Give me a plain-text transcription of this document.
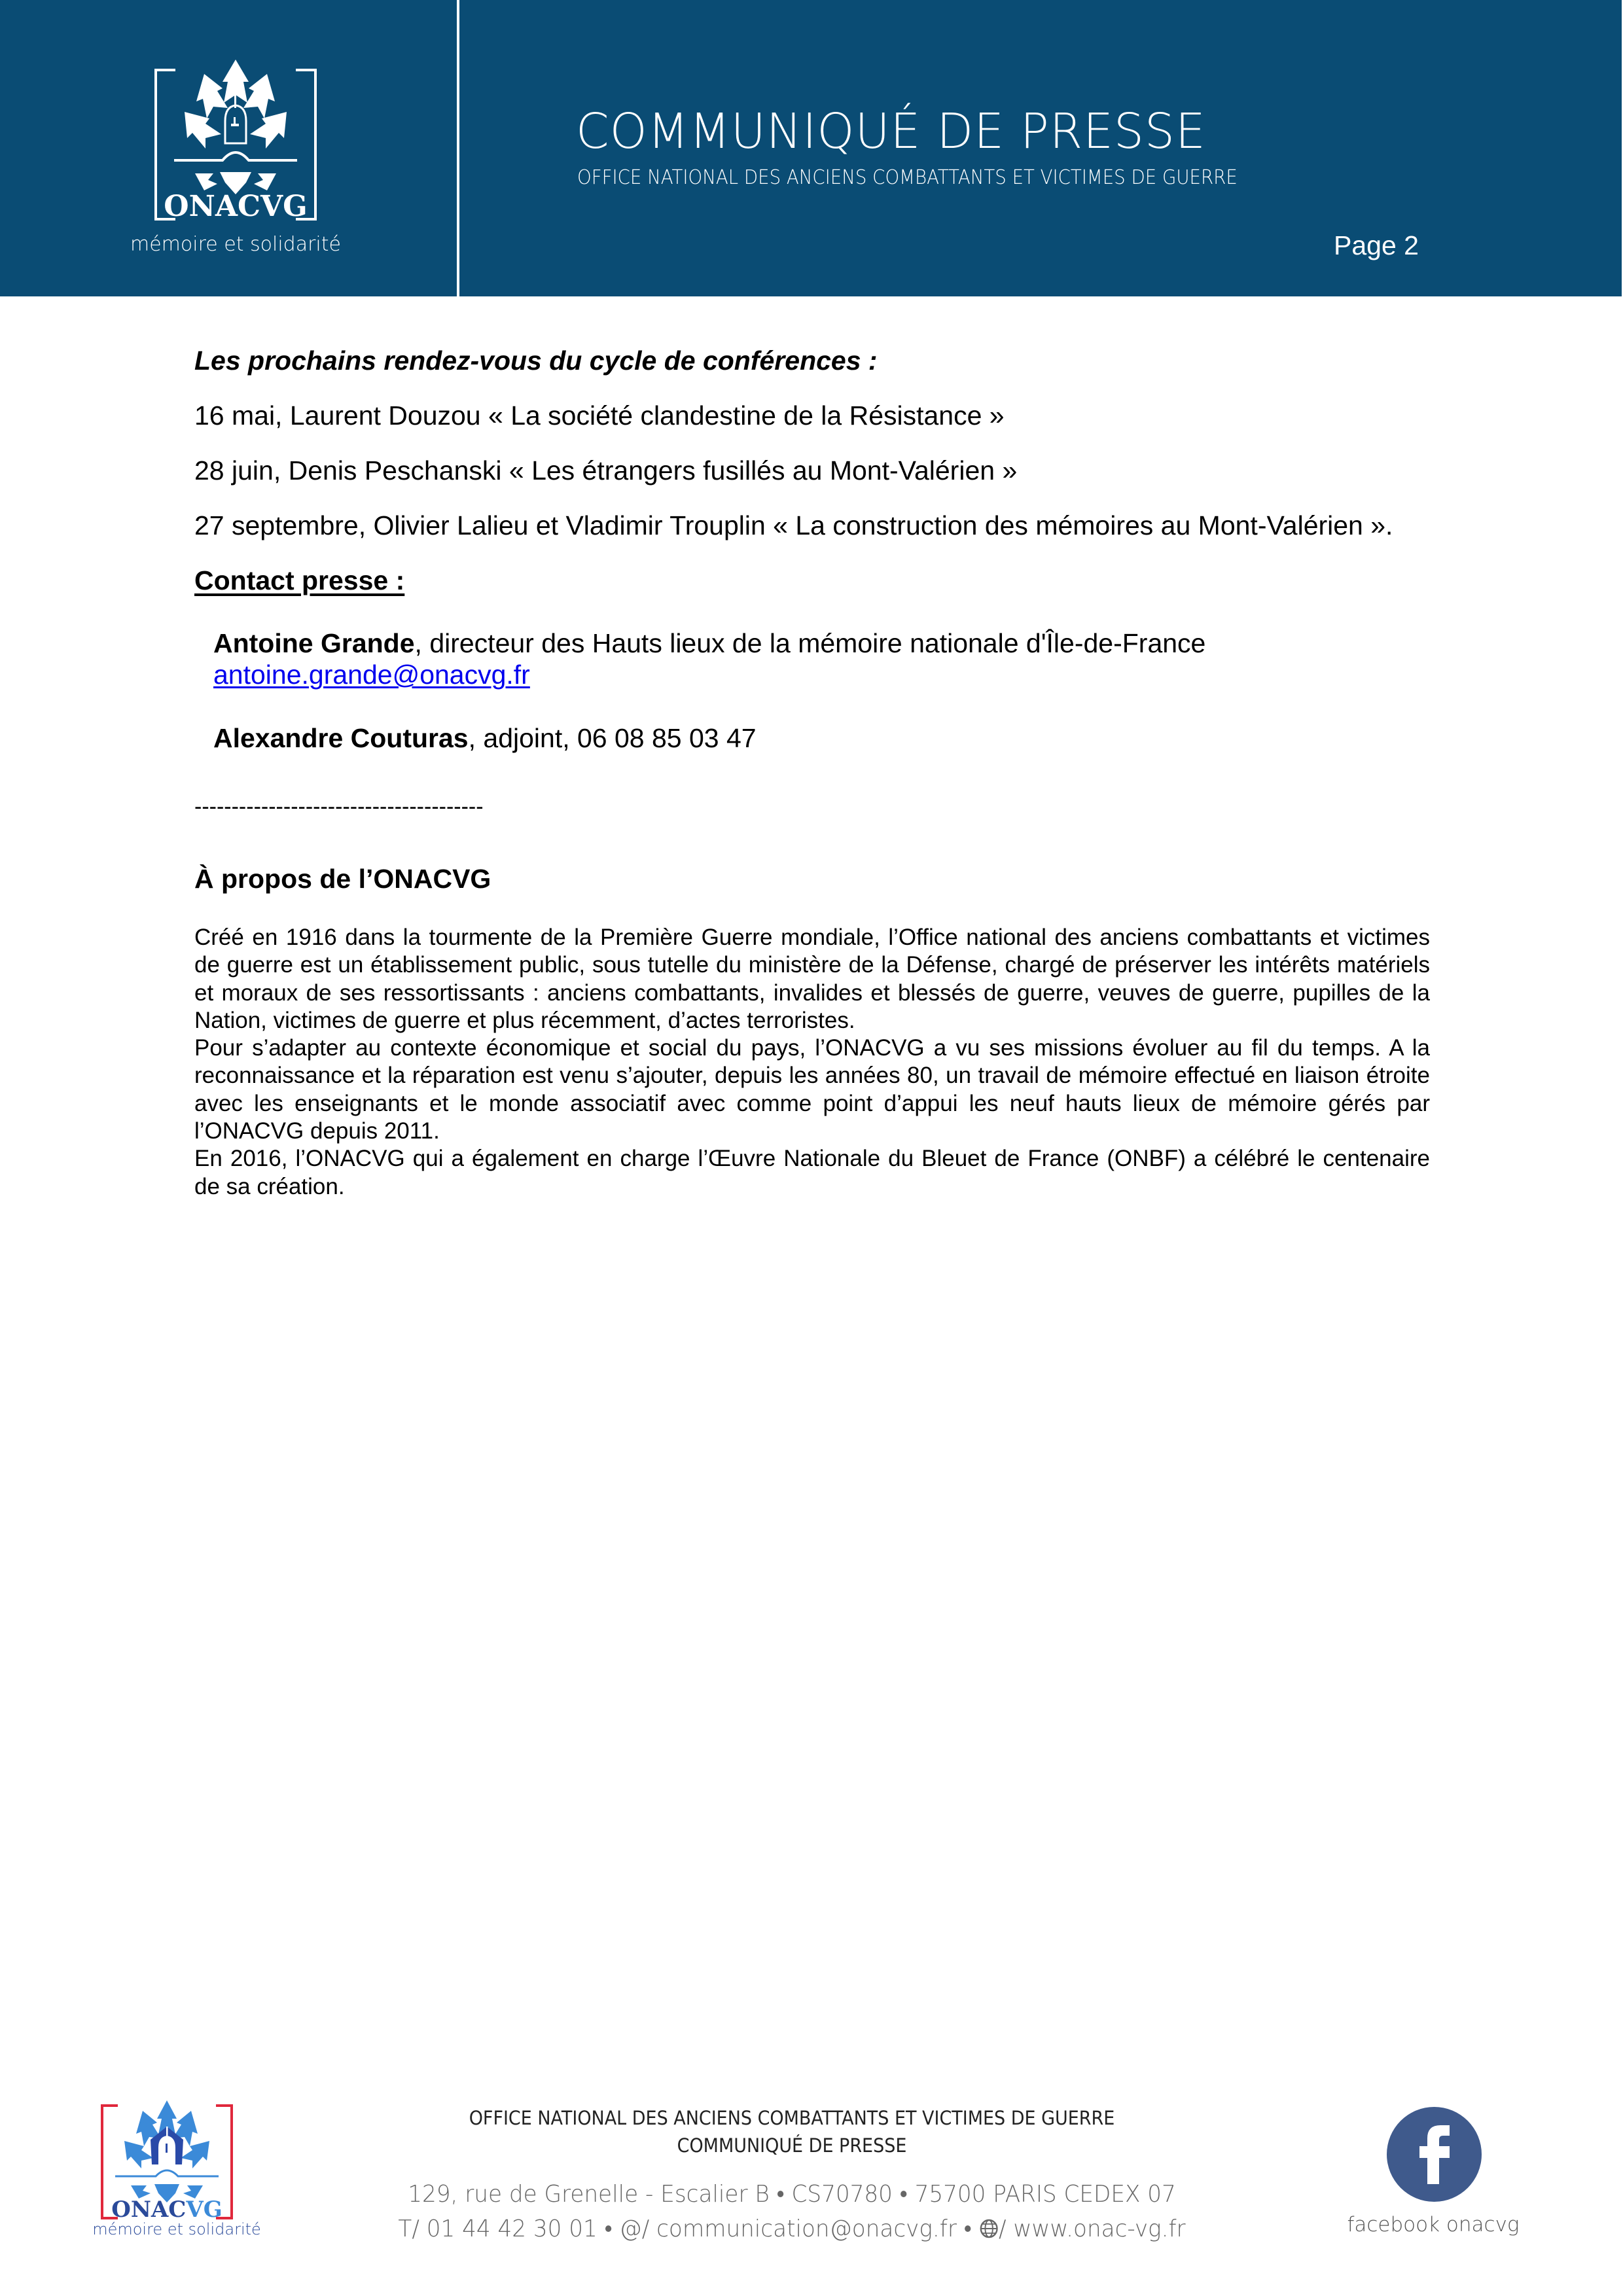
ONACVG
mémoire et solidarité
COMMUNIQUÉ DE PRESSE
OFFICE NATIONAL DES ANCIENS COMBATTANTS ET VICTIMES DE GUERRE
Page 2
Les prochains rendez-vous du cycle de conférences :
16 mai, Laurent Douzou « La société clandestine de la Résistance »
28 juin, Denis Peschanski « Les étrangers fusillés au Mont-Valérien »
27 septembre, Olivier Lalieu et Vladimir Trouplin « La construction des mémoires au Mont-Valérien ».
Contact presse :
Antoine Grande, directeur des Hauts lieux de la mémoire nationale d'Île-de-France
antoine.grande@onacvg.fr
Alexandre Couturas, adjoint, 06 08 85 03 47
---------------------------------------
À propos de l’ONACVG

Créé en 1916 dans la tourmente de la Première Guerre mondiale, l’Office national des anciens combattants et victimes de guerre est un établissement public, sous tutelle du ministère de la Défense, chargé de préserver les intérêts matériels et moraux de ses ressortissants : anciens combattants, invalides et blessés de guerre, veuves de guerre, pupilles de la Nation, victimes de guerre et plus récemment, d’actes terroristes.

Pour s’adapter au contexte économique et social du pays, l’ONACVG a vu ses missions évoluer au fil du temps. A la reconnaissance et la réparation est venu s’ajouter, depuis les années 80, un travail de mémoire effectué en liaison étroite avec les enseignants et le monde associatif avec comme point d’appui les neuf hauts lieux de mémoire gérés par l’ONACVG depuis 2011.

En 2016, l’ONACVG qui a également en charge l’Œuvre Nationale du Bleuet de France (ONBF) a célébré le centenaire de sa création.

ONACVG
mémoire et solidarité
OFFICE NATIONAL DES ANCIENS COMBATTANTS ET VICTIMES DE GUERRE
COMMUNIQUÉ DE PRESSE
129, rue de Grenelle - Escalier B • CS70780 • 75700 PARIS CEDEX 07
T/ 01 44 42 30 01 • @/ communication@onacvg.fr • / www.onac-vg.fr	facebook onacvg
